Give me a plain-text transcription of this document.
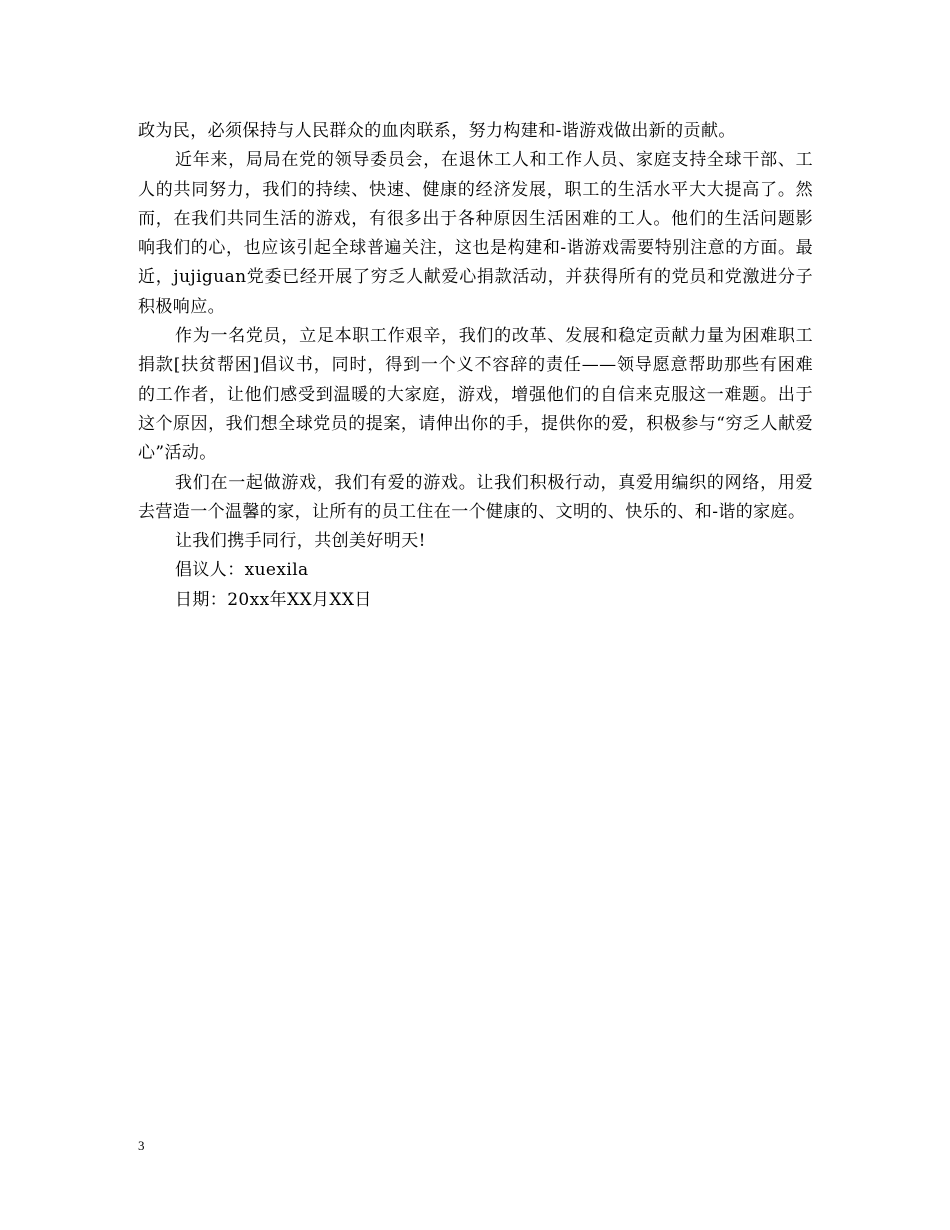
政为民，必须保持与人民群众的血肉联系，努力构建和-谐游戏做出新的贡献。

近年来，局局在党的领导委员会，在退休工人和工作人员、家庭支持全球干部、工人的共同努力，我们的持续、快速、健康的经济发展，职工的生活水平大大提高了。然而，在我们共同生活的游戏，有很多出于各种原因生活困难的工人。他们的生活问题影响我们的心，也应该引起全球普遍关注，这也是构建和-谐游戏需要特别注意的方面。最近，jujiguan党委已经开展了穷乏人献爱心捐款活动，并获得所有的党员和党激进分子积极响应。

作为一名党员，立足本职工作艰辛，我们的改革、发展和稳定贡献力量为困难职工捐款[扶贫帮困]倡议书，同时，得到一个义不容辞的责任——领导愿意帮助那些有困难的工作者，让他们感受到温暖的大家庭，游戏，增强他们的自信来克服这一难题。出于这个原因，我们想全球党员的提案，请伸出你的手，提供你的爱，积极参与“穷乏人献爱心”活动。

我们在一起做游戏，我们有爱的游戏。让我们积极行动，真爱用编织的网络，用爱去营造一个温馨的家，让所有的员工住在一个健康的、文明的、快乐的、和-谐的家庭。

让我们携手同行，共创美好明天!

倡议人：xuexila

日期：20xx年XX月XX日

3
